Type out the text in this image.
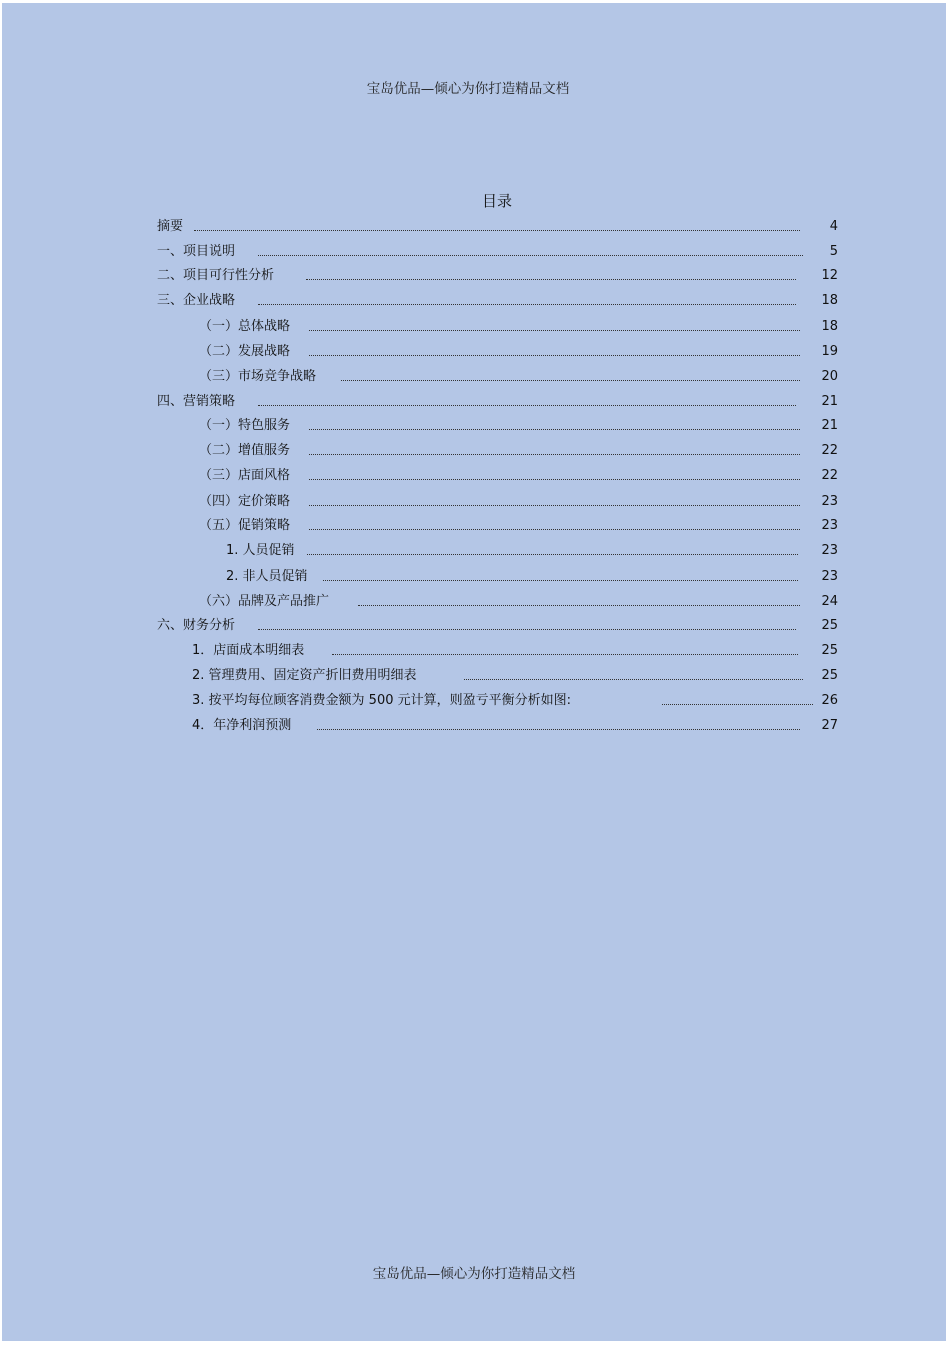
宝岛优品—倾心为你打造精品文档
目录
摘要	4
一、项目说明	5
二、项目可行性分析	12
三、企业战略	18
（一）总体战略	18
（二）发展战略	19
（三）市场竞争战略	20
四、营销策略	21
（一）特色服务	21
（二）增值服务	22
（三）店面风格	22
（四）定价策略	23
（五）促销策略	23
1. 人员促销	23
2. 非人员促销	23
（六）品牌及产品推广	24
六、财务分析	25
1．店面成本明细表	25
2. 管理费用、固定资产折旧费用明细表	25
3. 按平均每位顾客消费金额为 500 元计算，则盈亏平衡分析如图:	26
4．年净利润预测	27
宝岛优品—倾心为你打造精品文档
